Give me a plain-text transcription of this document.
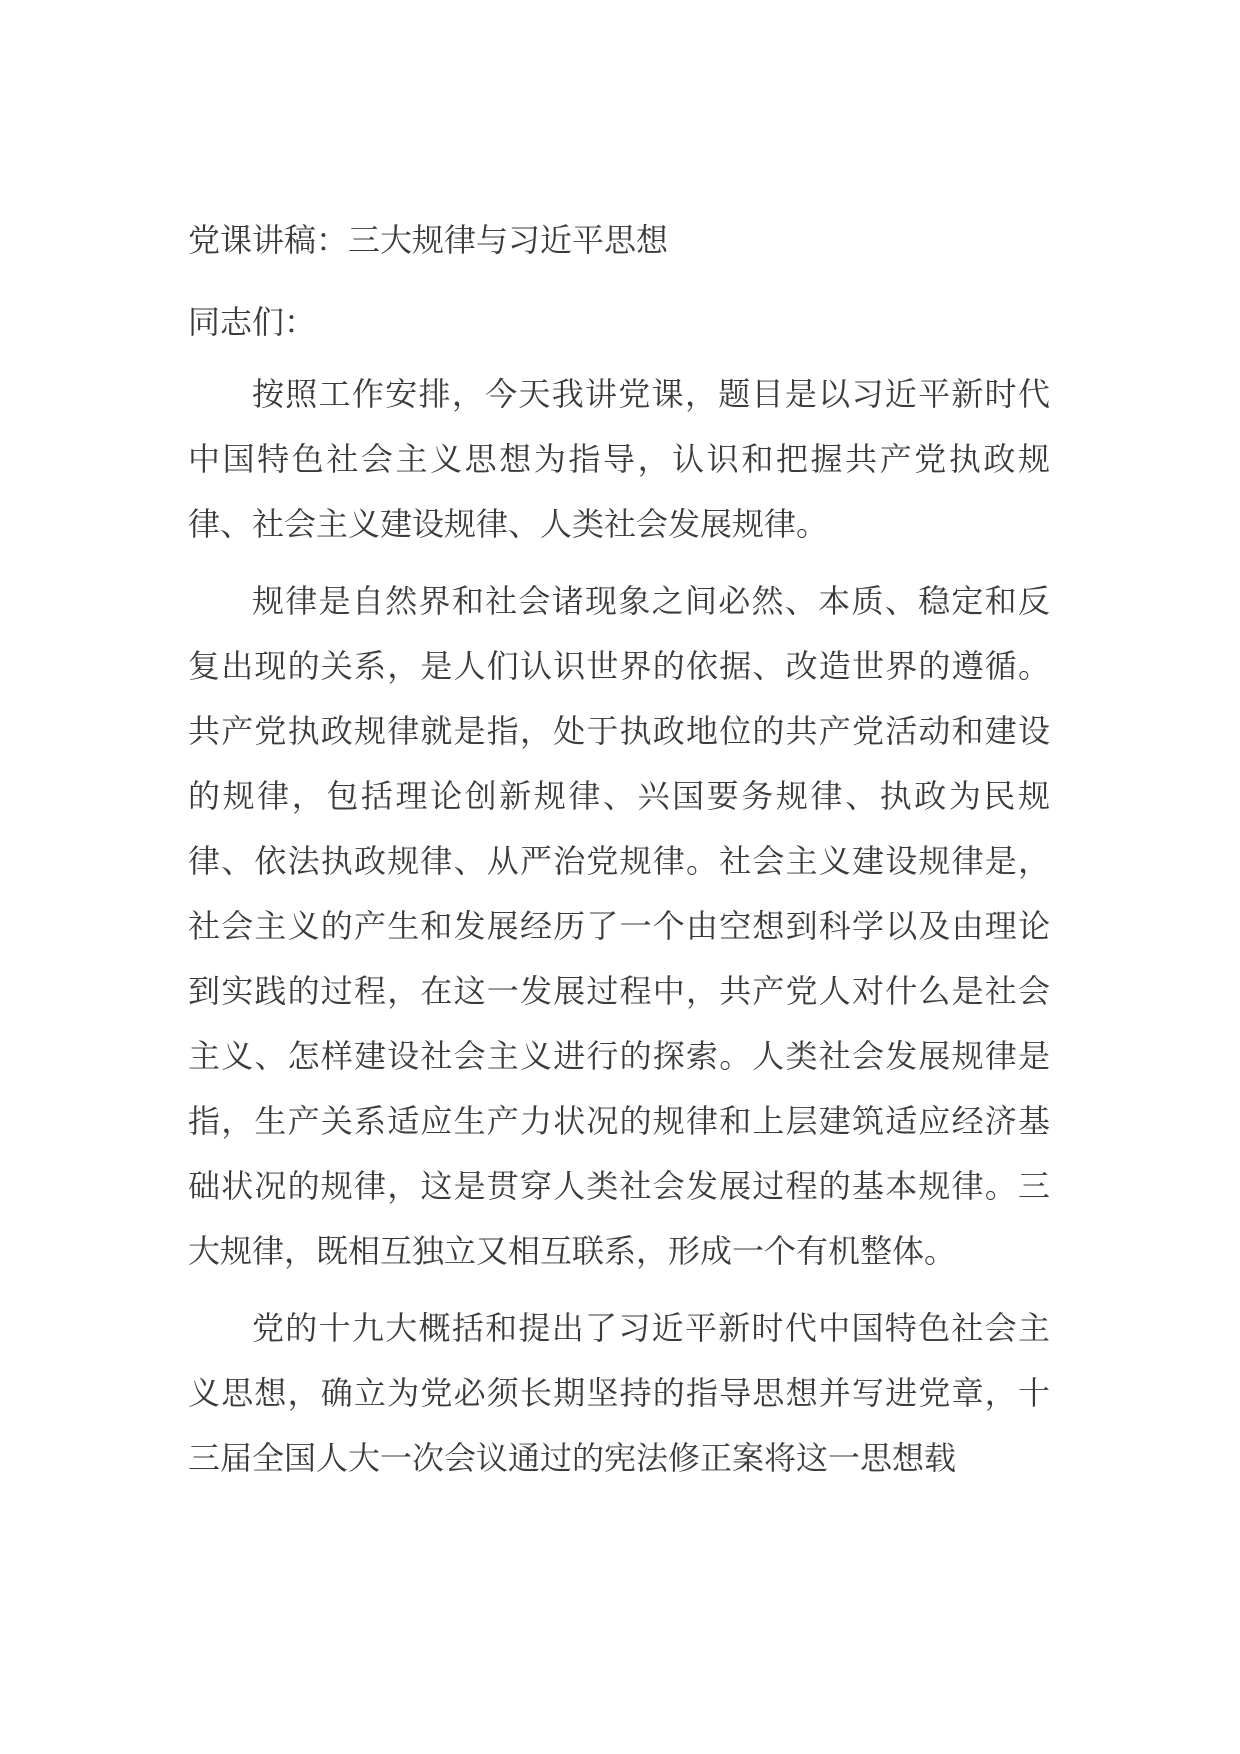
党课讲稿：三大规律与习近平思想

同志们：

按照工作安排，今天我讲党课，题目是以习近平新时代中国特色社会主义思想为指导，认识和把握共产党执政规律、社会主义建设规律、人类社会发展规律。

规律是自然界和社会诸现象之间必然、本质、稳定和反复出现的关系，是人们认识世界的依据、改造世界的遵循。共产党执政规律就是指，处于执政地位的共产党活动和建设的规律，包括理论创新规律、兴国要务规律、执政为民规律、依法执政规律、从严治党规律。社会主义建设规律是，社会主义的产生和发展经历了一个由空想到科学以及由理论到实践的过程，在这一发展过程中，共产党人对什么是社会主义、怎样建设社会主义进行的探索。人类社会发展规律是指，生产关系适应生产力状况的规律和上层建筑适应经济基础状况的规律，这是贯穿人类社会发展过程的基本规律。三大规律，既相互独立又相互联系，形成一个有机整体。

党的十九大概括和提出了习近平新时代中国特色社会主义思想，确立为党必须长期坚持的指导思想并写进党章，十三届全国人大一次会议通过的宪法修正案将这一思想载
